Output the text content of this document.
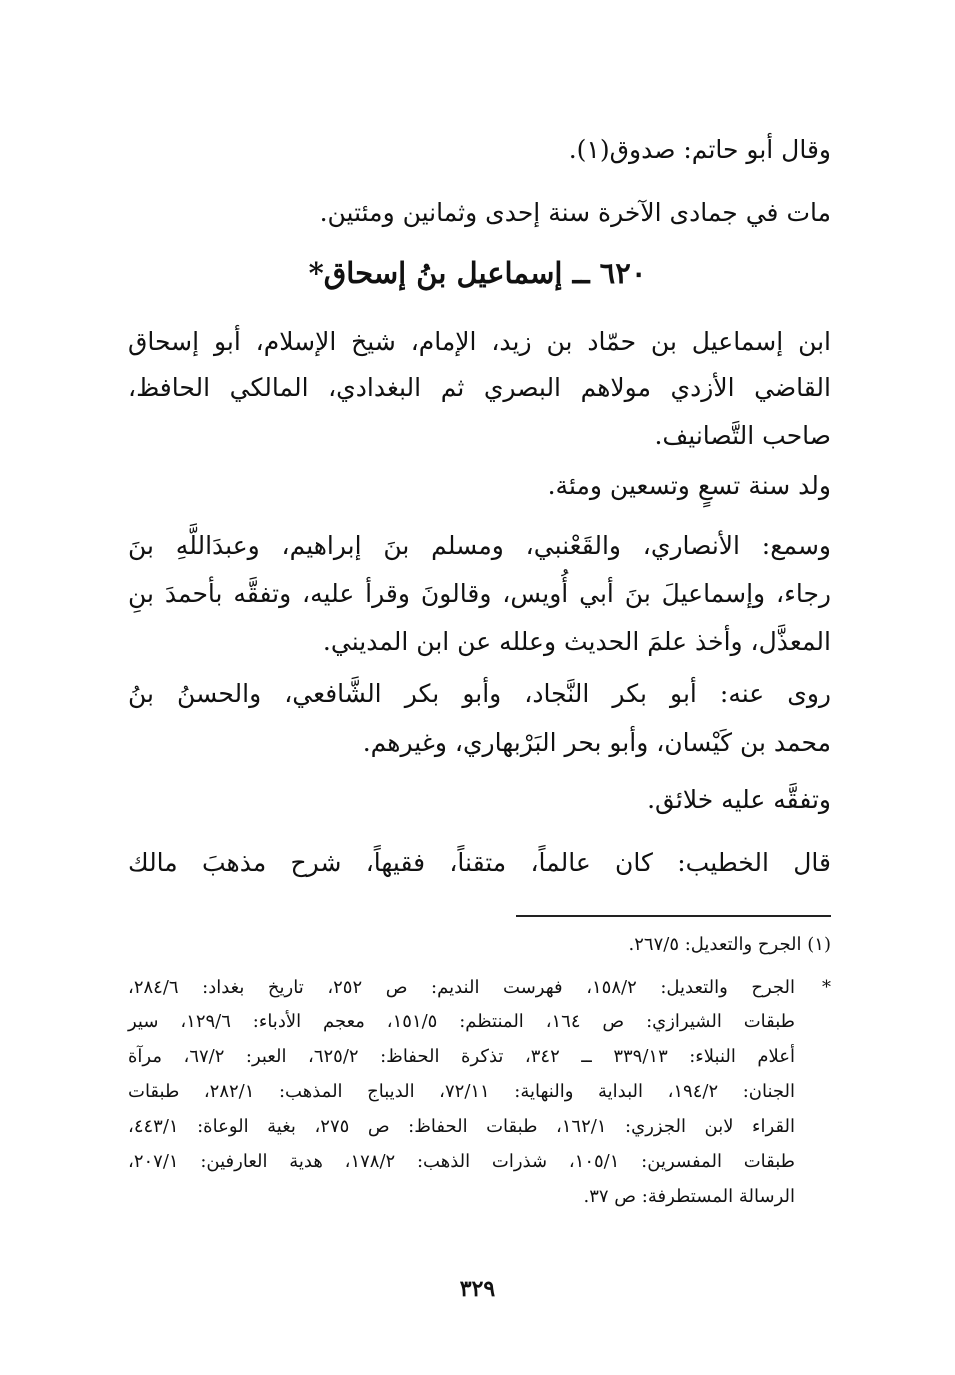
وقال أبو حاتم: صدوق(١).
مات في جمادى الآخرة سنة إحدى وثمانين ومئتين.
٦٢٠ ــ إسماعيل بنُ إسحاق*
ابن إسماعيل بن حمّاد بن زيد، الإمام، شيخ الإسلام، أبو إسحاق
القاضي الأزدي مولاهم البصري ثم البغدادي، المالكي الحافظ،
صاحب التَّصانيف.
ولد سنة تسعٍ وتسعين ومئة.
وسمع: الأنصاري، والقَعْنبي، ومسلم بنَ إبراهيم، وعبدَاللَّهِ بنَ
رجاء، وإسماعيلَ بنَ أبي أُويس، وقالونَ وقرأ عليه، وتفقَّه بأحمدَ بنِ
المعذَّل، وأخذ علمَ الحديث وعلله عن ابن المديني.
روى عنه: أبو بكر النَّجاد، وأبو بكر الشَّافعي، والحسنُ بنُ
محمد بن كَيْسان، وأبو بحر البَرْبهاري، وغيرهم.
وتفقَّه عليه خلائق.
قال الخطيب: كان عالماً، متقناً، فقيهاً، شرح مذهبَ مالك
(١) الجرح والتعديل: ٢٦٧/٥.
*
الجرح والتعديل: ١٥٨/٢، فهرست النديم: ص ٢٥٢، تاريخ بغداد: ٢٨٤/٦،
طبقات الشيرازي: ص ١٦٤، المنتظم: ١٥١/٥، معجم الأدباء: ١٢٩/٦، سير
أعلام النبلاء: ٣٣٩/١٣ ــ ٣٤٢، تذكرة الحفاظ: ٦٢٥/٢، العبر: ٦٧/٢، مرآة
الجنان: ١٩٤/٢، البداية والنهاية: ٧٢/١١، الديباج المذهب: ٢٨٢/١، طبقات
القراء لابن الجزري: ١٦٢/١، طبقات الحفاظ: ص ٢٧٥، بغية الوعاة: ٤٤٣/١،
طبقات المفسرين: ١٠٥/١، شذرات الذهب: ١٧٨/٢، هدية العارفين: ٢٠٧/١،
الرسالة المستطرفة: ص ٣٧.
٣٢٩
